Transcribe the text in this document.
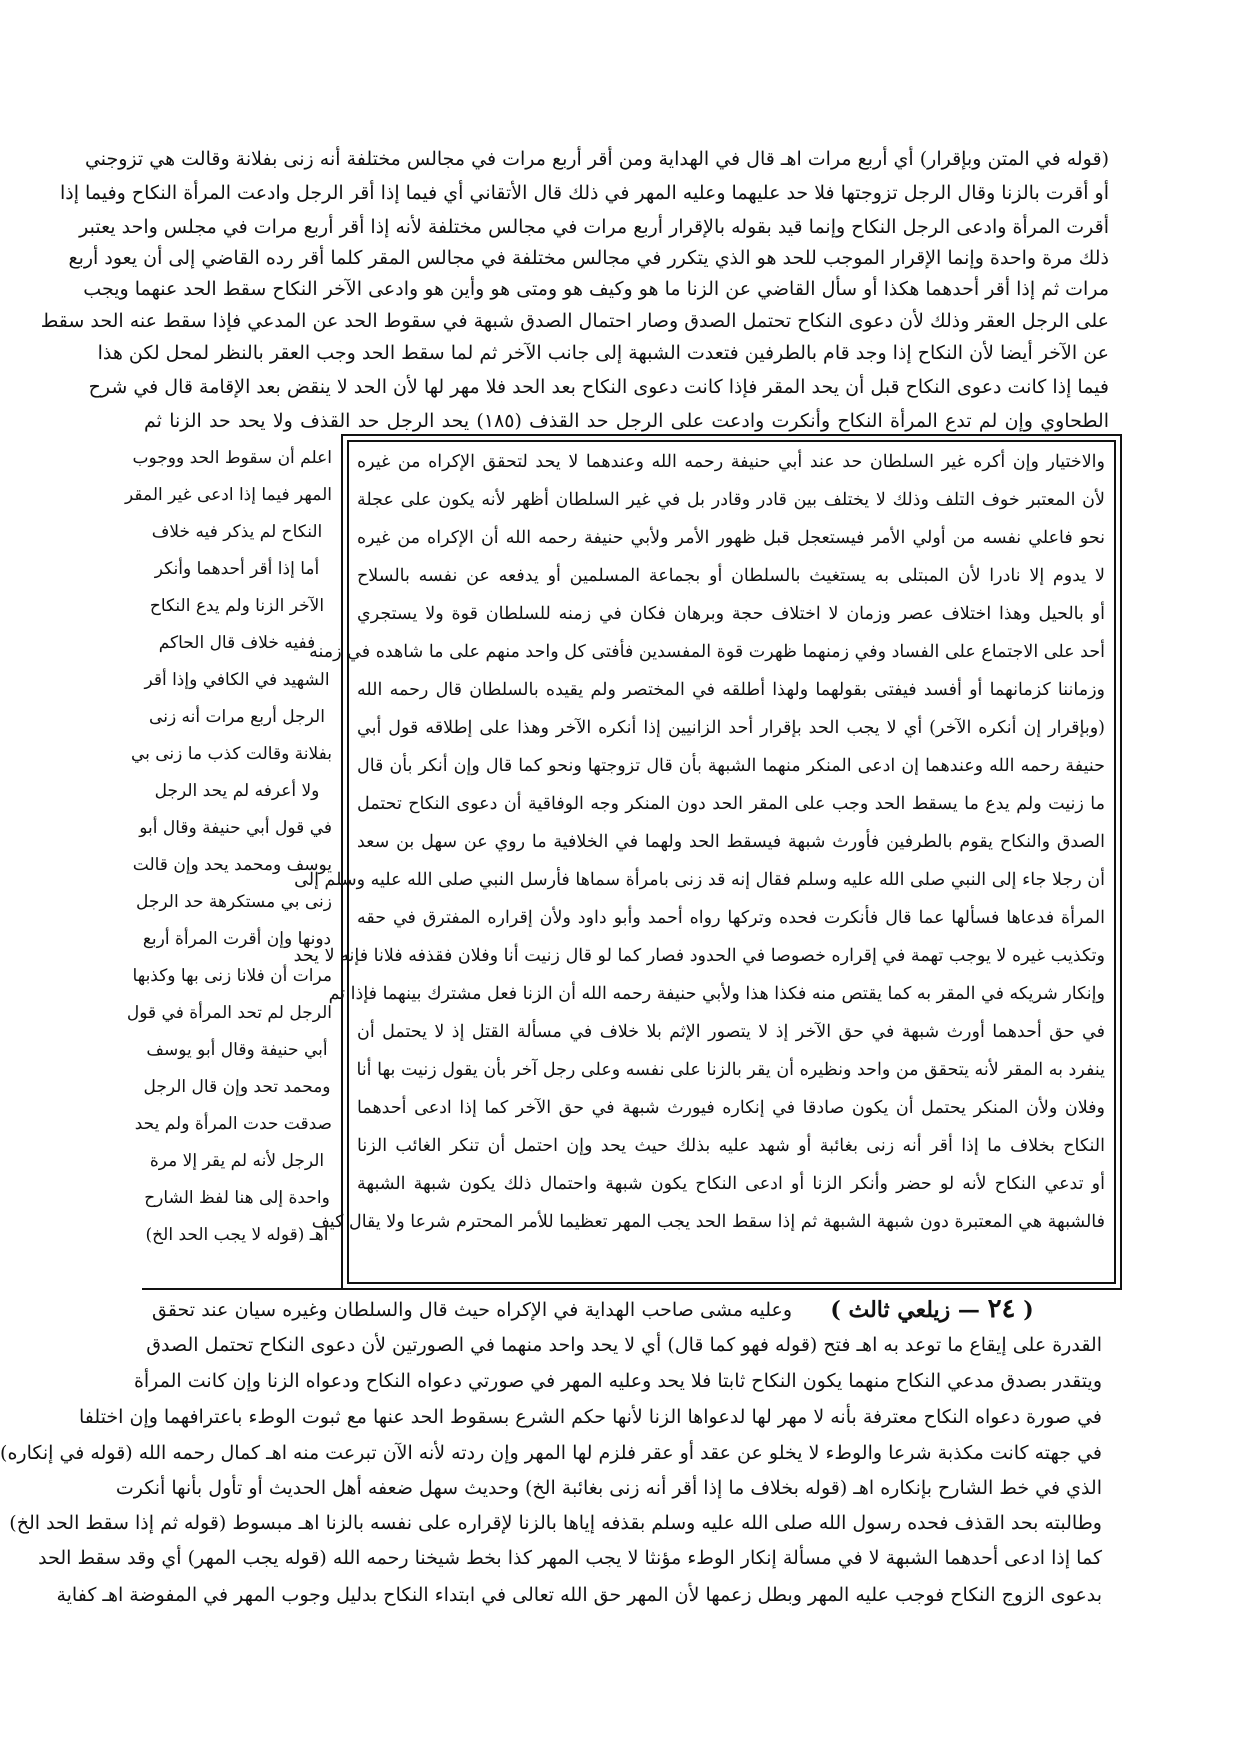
(قوله في المتن وبإقرار) أي أربع مرات اهـ قال في الهداية ومن أقر أربع مرات في مجالس مختلفة أنه زنى بفلانة وقالت هي تزوجني
أو أقرت بالزنا وقال الرجل تزوجتها فلا حد عليهما وعليه المهر في ذلك قال الأتقاني أي فيما إذا أقر الرجل وادعت المرأة النكاح وفيما إذا
أقرت المرأة وادعى الرجل النكاح وإنما قيد بقوله بالإقرار أربع مرات في مجالس مختلفة لأنه إذا أقر أربع مرات في مجلس واحد يعتبر
ذلك مرة واحدة وإنما الإقرار الموجب للحد هو الذي يتكرر في مجالس مختلفة في مجالس المقر كلما أقر رده القاضي إلى أن يعود أربع
مرات ثم إذا أقر أحدهما هكذا أو سأل القاضي عن الزنا ما هو وكيف هو ومتى هو وأين هو وادعى الآخر النكاح سقط الحد عنهما ويجب
على الرجل العقر وذلك لأن دعوى النكاح تحتمل الصدق وصار احتمال الصدق شبهة في سقوط الحد عن المدعي فإذا سقط عنه الحد سقط
عن الآخر أيضا لأن النكاح إذا وجد قام بالطرفين فتعدت الشبهة إلى جانب الآخر ثم لما سقط الحد وجب العقر بالنظر لمحل لكن هذا
فيما إذا كانت دعوى النكاح قبل أن يحد المقر فإذا كانت دعوى النكاح بعد الحد فلا مهر لها لأن الحد لا ينقض بعد الإقامة قال في شرح
الطحاوي وإن لم تدع المرأة النكاح وأنكرت وادعت على الرجل حد القذف (١٨٥) يحد الرجل حد القذف ولا يحد حد الزنا ثم
اعلم أن سقوط الحد ووجوب
المهر فيما إذا ادعى غير المقر
النكاح لم يذكر فيه خلاف
أما إذا أقر أحدهما وأنكر
الآخر الزنا ولم يدع النكاح
ففيه خلاف قال الحاكم
الشهيد في الكافي وإذا أقر
الرجل أربع مرات أنه زنى
بفلانة وقالت كذب ما زنى بي
ولا أعرفه لم يحد الرجل
في قول أبي حنيفة وقال أبو
يوسف ومحمد يحد وإن قالت
زنى بي مستكرهة حد الرجل
دونها وإن أقرت المرأة أربع
مرات أن فلانا زنى بها وكذبها
الرجل لم تحد المرأة في قول
أبي حنيفة وقال أبو يوسف
ومحمد تحد وإن قال الرجل
صدقت حدت المرأة ولم يحد
الرجل لأنه لم يقر إلا مرة
واحدة إلى هنا لفظ الشارح
اهـ (قوله لا يجب الحد الخ)
والاختيار وإن أكره غير السلطان حد عند أبي حنيفة رحمه الله وعندهما لا يحد لتحقق الإكراه من غيره
لأن المعتبر خوف التلف وذلك لا يختلف بين قادر وقادر بل في غير السلطان أظهر لأنه يكون على عجلة
نحو فاعلي نفسه من أولي الأمر فيستعجل قبل ظهور الأمر ولأبي حنيفة رحمه الله أن الإكراه من غيره
لا يدوم إلا نادرا لأن المبتلى به يستغيث بالسلطان أو بجماعة المسلمين أو يدفعه عن نفسه بالسلاح
أو بالحيل وهذا اختلاف عصر وزمان لا اختلاف حجة وبرهان فكان في زمنه للسلطان قوة ولا يستجري
أحد على الاجتماع على الفساد وفي زمنهما ظهرت قوة المفسدين فأفتى كل واحد منهم على ما شاهده في زمنه
وزماننا كزمانهما أو أفسد فيفتى بقولهما ولهذا أطلقه في المختصر ولم يقيده بالسلطان قال رحمه الله
(وبإقرار إن أنكره الآخر) أي لا يجب الحد بإقرار أحد الزانيين إذا أنكره الآخر وهذا على إطلاقه قول أبي
حنيفة رحمه الله وعندهما إن ادعى المنكر منهما الشبهة بأن قال تزوجتها ونحو كما قال وإن أنكر بأن قال
ما زنيت ولم يدع ما يسقط الحد وجب على المقر الحد دون المنكر وجه الوفاقية أن دعوى النكاح تحتمل
الصدق والنكاح يقوم بالطرفين فأورث شبهة فيسقط الحد ولهما في الخلافية ما روي عن سهل بن سعد
أن رجلا جاء إلى النبي صلى الله عليه وسلم فقال إنه قد زنى بامرأة سماها فأرسل النبي صلى الله عليه وسلم إلى
المرأة فدعاها فسألها عما قال فأنكرت فحده وتركها رواه أحمد وأبو داود ولأن إقراره المفترق في حقه
وتكذيب غيره لا يوجب تهمة في إقراره خصوصا في الحدود فصار كما لو قال زنيت أنا وفلان فقذفه فلانا فإنه لا يحد
وإنكار شريكه في المقر به كما يقتص منه فكذا هذا ولأبي حنيفة رحمه الله أن الزنا فعل مشترك بينهما فإذا تم
في حق أحدهما أورث شبهة في حق الآخر إذ لا يتصور الإثم بلا خلاف في مسألة القتل إذ لا يحتمل أن
ينفرد به المقر لأنه يتحقق من واحد ونظيره أن يقر بالزنا على نفسه وعلى رجل آخر بأن يقول زنيت بها أنا
وفلان ولأن المنكر يحتمل أن يكون صادقا في إنكاره فيورث شبهة في حق الآخر كما إذا ادعى أحدهما
النكاح بخلاف ما إذا أقر أنه زنى بغائبة أو شهد عليه بذلك حيث يحد وإن احتمل أن تنكر الغائب الزنا
أو تدعي النكاح لأنه لو حضر وأنكر الزنا أو ادعى النكاح يكون شبهة واحتمال ذلك يكون شبهة الشبهة
فالشبهة هي المعتبرة دون شبهة الشبهة ثم إذا سقط الحد يجب المهر تعظيما للأمر المحترم شرعا ولا يقال كيف
( ٢٤ — زيلعي ثالث )
وعليه مشى صاحب الهداية في الإكراه حيث قال والسلطان وغيره سيان عند تحقق
القدرة على إيقاع ما توعد به اهـ فتح (قوله فهو كما قال) أي لا يحد واحد منهما في الصورتين لأن دعوى النكاح تحتمل الصدق
ويتقدر بصدق مدعي النكاح منهما يكون النكاح ثابتا فلا يحد وعليه المهر في صورتي دعواه النكاح ودعواه الزنا وإن كانت المرأة
في صورة دعواه النكاح معترفة بأنه لا مهر لها لدعواها الزنا لأنها حكم الشرع بسقوط الحد عنها مع ثبوت الوطء باعترافهما وإن اختلفا
في جهته كانت مكذبة شرعا والوطء لا يخلو عن عقد أو عقر فلزم لها المهر وإن ردته لأنه الآن تبرعت منه اهـ كمال رحمه الله (قوله في إنكاره)
الذي في خط الشارح بإنكاره اهـ (قوله بخلاف ما إذا أقر أنه زنى بغائبة الخ) وحديث سهل ضعفه أهل الحديث أو تأول بأنها أنكرت
وطالبته بحد القذف فحده رسول الله صلى الله عليه وسلم بقذفه إياها بالزنا لإقراره على نفسه بالزنا اهـ مبسوط (قوله ثم إذا سقط الحد الخ)
كما إذا ادعى أحدهما الشبهة لا في مسألة إنكار الوطء مؤنثا لا يجب المهر كذا بخط شيخنا رحمه الله (قوله يجب المهر) أي وقد سقط الحد
بدعوى الزوج النكاح فوجب عليه المهر وبطل زعمها لأن المهر حق الله تعالى في ابتداء النكاح بدليل وجوب المهر في المفوضة اهـ كفاية
